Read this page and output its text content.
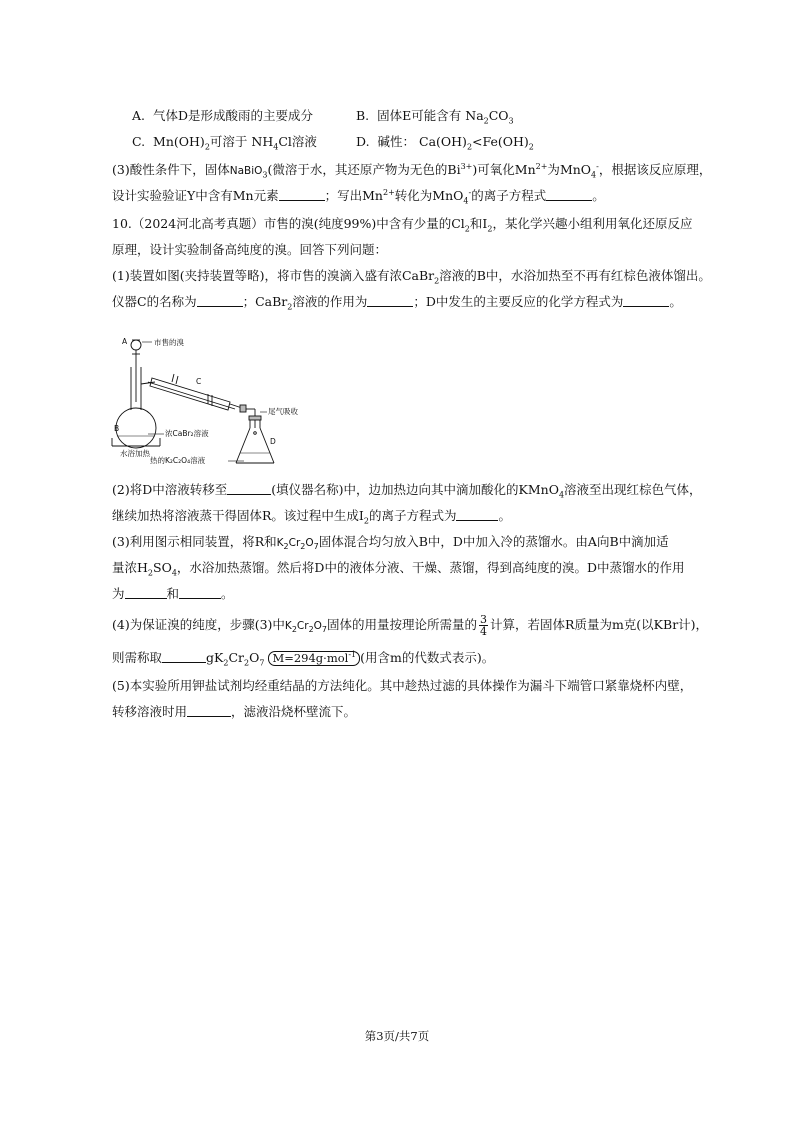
A. 气体D是形成酸雨的主要成分	B. 固体E可能含有 $Na_2CO_3$
C. $Mn(OH)_2$可溶于 $NH_4Cl$溶液	D. 碱性： $Ca(OH)_2<Fe(OH)_2$
(3)酸性条件下，固体NaBiO$_3$(微溶于水，其还原产物为无色的$Bi^{3+}$)可氧化$Mn^{2+}$为MnO$_4$-，根据该反应原理，
设计实验验证Y中含有Mn元素	；写出$Mn^{2+}$转化为MnO$_4$-的离子方程式	。
10.（2024河北高考真题）市售的溴(纯度99%)中含有少量的$Cl_2$和$I_2$，某化学兴趣小组利用氧化还原反应
原理，设计实验制备高纯度的溴。回答下列问题：
(1)装置如图(夹持装置等略)，将市售的溴滴入盛有浓CaBr$_2$溶液的B中，水浴加热至不再有红棕色液体馏出。
仪器C的名称为	；CaBr$_2$溶液的作用为	；D中发生的主要反应的化学方程式为	。
A	市售的溴
B
浓CaBr₂溶液
水浴加热
C
尾气吸收
D
热的K₂C₂O₄溶液
(2)将D中溶液转移至	(填仪器名称)中，边加热边向其中滴加酸化的KMnO$_4$溶液至出现红棕色气体，
继续加热将溶液蒸干得固体R。该过程中生成$I_2$的离子方程式为	。
(3)利用图示相同装置，将R和$K_2Cr_2O_7$固体混合均匀放入B中，D中加入冷的蒸馏水。由A向B中滴加适
量浓$H_2SO_4$，水浴加热蒸馏。然后将D中的液体分液、干燥、蒸馏，得到高纯度的溴。D中蒸馏水的作用
为	和	。
(4)为保证溴的纯度，步骤(3)中$K_2Cr_2O_7$固体的用量按理论所需量的 $\frac{3}{4}$ 计算，若固体R质量为m克(以KBr计)，
则需称取	$gK_2Cr_2O_7$ M=294g·mol$^{-1}$ (用含m的代数式表示)。
(5)本实验所用钾盐试剂均经重结晶的方法纯化。其中趁热过滤的具体操作为漏斗下端管口紧靠烧杯内壁，
转移溶液时用	，滤液沿烧杯壁流下。
第3页/共7页
